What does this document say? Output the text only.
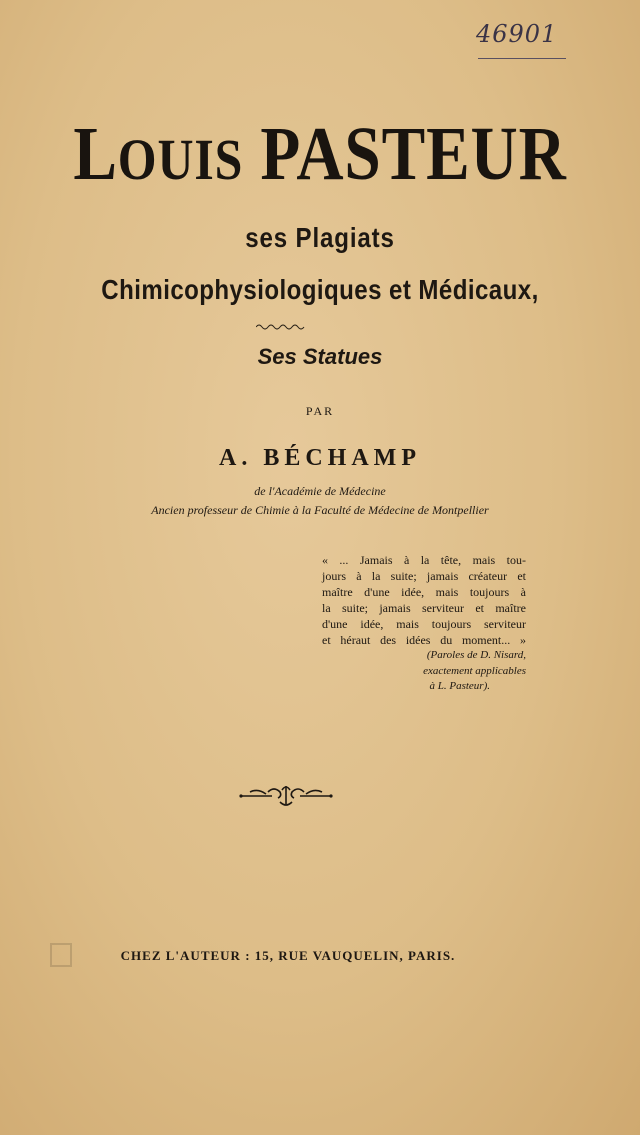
46901
LOUIS PASTEUR
ses Plagiats
Chimicophysiologiques et Médicaux,
Ses Statues
PAR
A. BÉCHAMP
de l'Académie de Médecine
Ancien professeur de Chimie à la Faculté de Médecine de Montpellier
« ... Jamais à la tête, mais tou-
jours à la suite; jamais créateur et
maître d'une idée, mais toujours à
la suite; jamais serviteur et maître
d'une idée, mais toujours serviteur
et héraut des idées du moment... »
(Paroles de D. Nisard,
exactement applicables
à L. Pasteur).
CHEZ L'AUTEUR : 15, RUE VAUQUELIN, PARIS.
